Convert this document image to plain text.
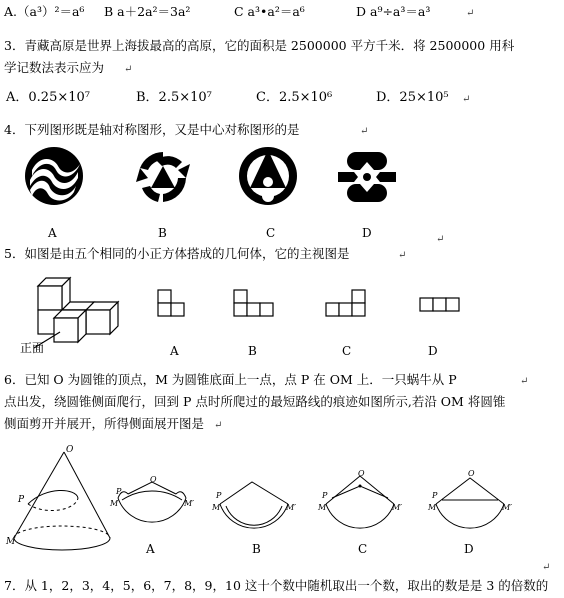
A.（a³）²＝a⁶ B a＋2a²＝3a²	C a³•a²＝a⁶	D a⁹÷a³＝a³	↵
3．青藏高原是世界上海拔最高的高原，它的面积是 2500000 平方千米．将 2500000 用科
学记数法表示应为 ↵
A．0.25×10⁷	B．2.5×10⁷	C．2.5×10⁶	D．25×10⁵ ↵
4．下列图形既是轴对称图形，又是中心对称图形的是	↵
A	B	C	D	↵
5．如图是由五个相同的小正方体搭成的几何体，它的主视图是	↵
正面	A	B	C	D
6．已知 O 为圆锥的顶点，M 为圆锥底面上一点，点 P 在 OM 上．一只蜗牛从 P	↵
点出发，绕圆锥侧面爬行，回到 P 点时所爬过的最短路线的痕迹如图所示,若沿 OM 将圆锥
侧面剪开并展开，所得侧面展开图是 ↵
O
P
M
O
P
M	M′
P
M	M′
O
P
M	M′
O
P
M	M′
A	B	C	D
↵
7．从 1，2，3，4，5，6，7，8，9，10 这十个数中随机取出一个数，取出的数是是 3 的倍数的
